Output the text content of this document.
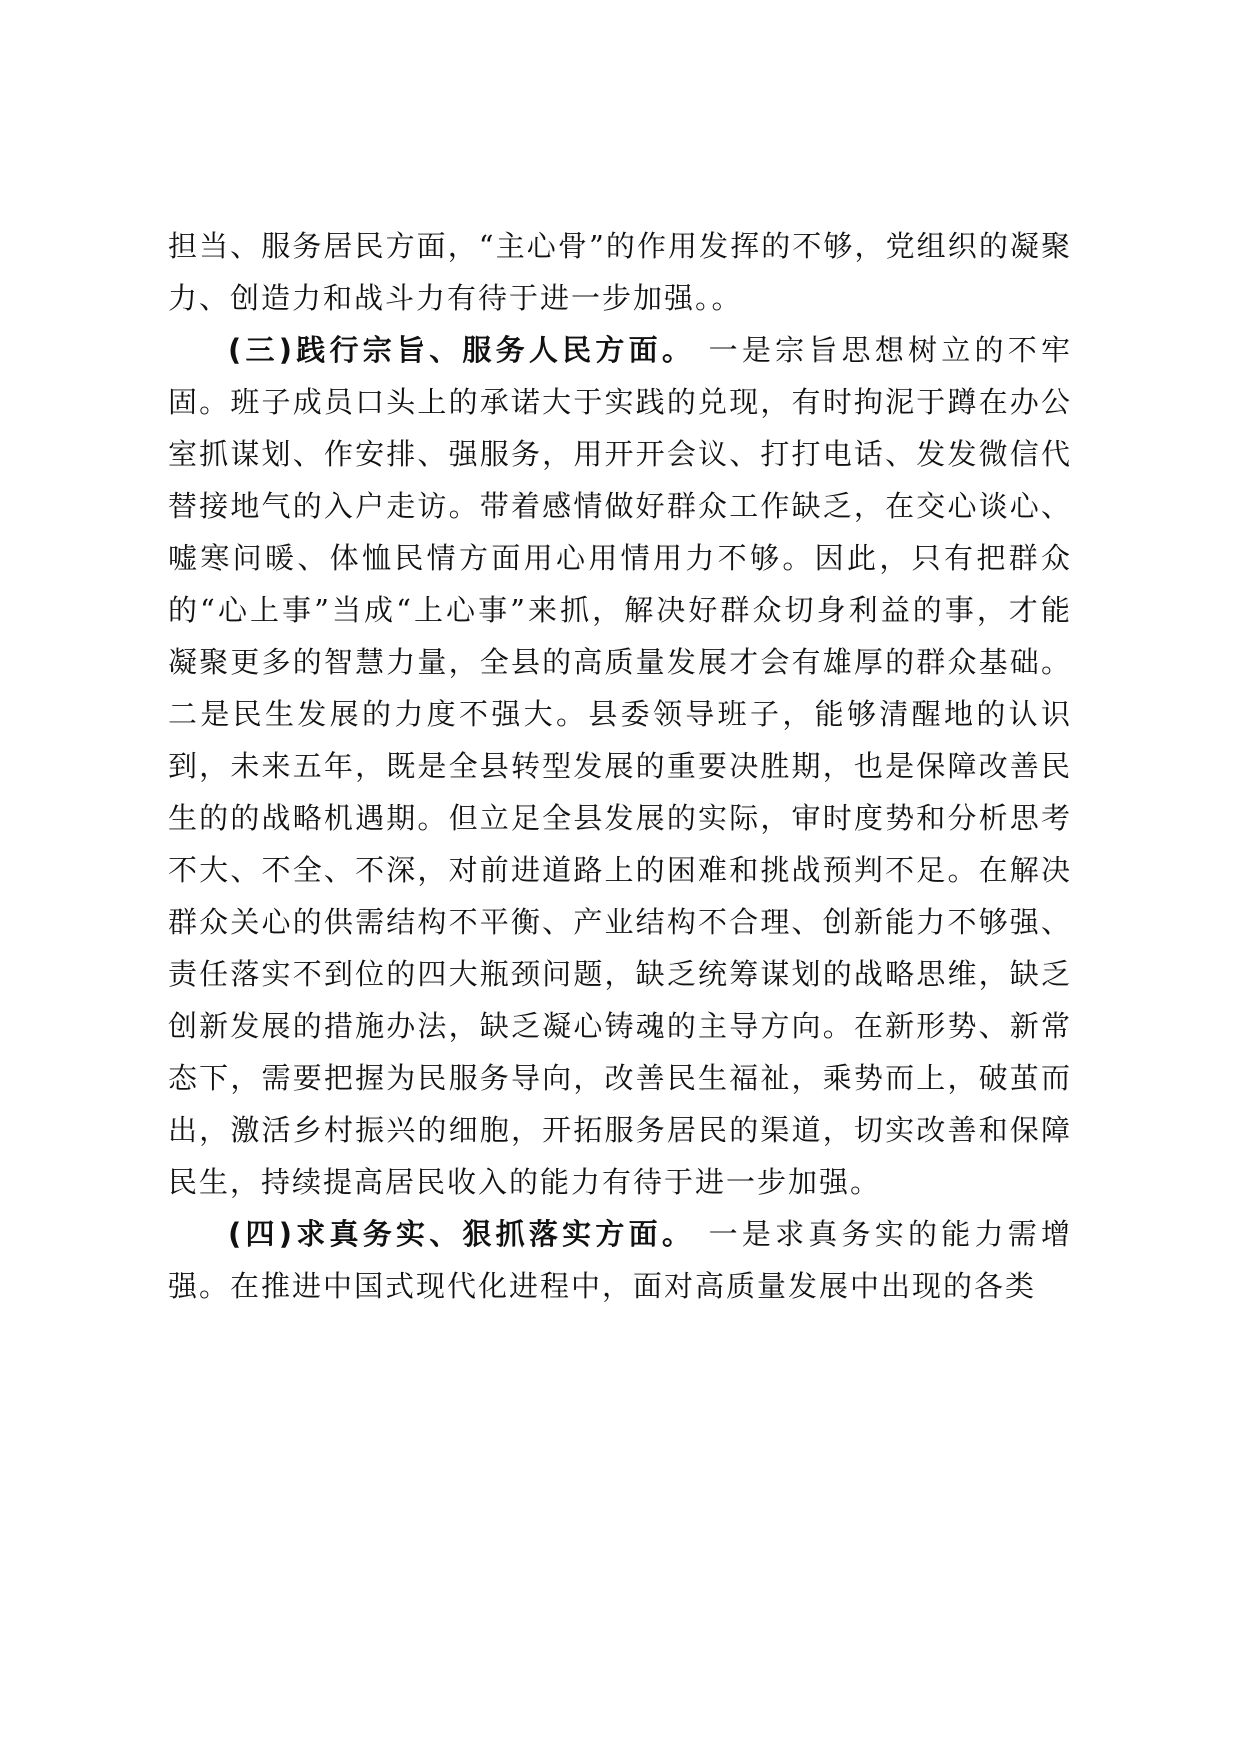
担当、服务居民方面，“主心骨”的作用发挥的不够，党组织的凝聚力、创造力和战斗力有待于进一步加强。。

(三)践行宗旨、服务人民方面。 一是宗旨思想树立的不牢固。班子成员口头上的承诺大于实践的兑现，有时拘泥于蹲在办公室抓谋划、作安排、强服务，用开开会议、打打电话、发发微信代替接地气的入户走访。带着感情做好群众工作缺乏，在交心谈心、嘘寒问暖、体恤民情方面用心用情用力不够。因此，只有把群众的“心上事”当成“上心事”来抓，解决好群众切身利益的事，才能凝聚更多的智慧力量，全县的高质量发展才会有雄厚的群众基础。二是民生发展的力度不强大。县委领导班子，能够清醒地的认识到，未来五年，既是全县转型发展的重要决胜期，也是保障改善民生的的战略机遇期。但立足全县发展的实际，审时度势和分析思考不大、不全、不深，对前进道路上的困难和挑战预判不足。在解决群众关心的供需结构不平衡、产业结构不合理、创新能力不够强、责任落实不到位的四大瓶颈问题，缺乏统筹谋划的战略思维，缺乏创新发展的措施办法，缺乏凝心铸魂的主导方向。在新形势、新常态下，需要把握为民服务导向，改善民生福祉，乘势而上，破茧而出，激活乡村振兴的细胞，开拓服务居民的渠道，切实改善和保障民生，持续提高居民收入的能力有待于进一步加强。

(四)求真务实、狠抓落实方面。 一是求真务实的能力需增强。在推进中国式现代化进程中，面对高质量发展中出现的各类
